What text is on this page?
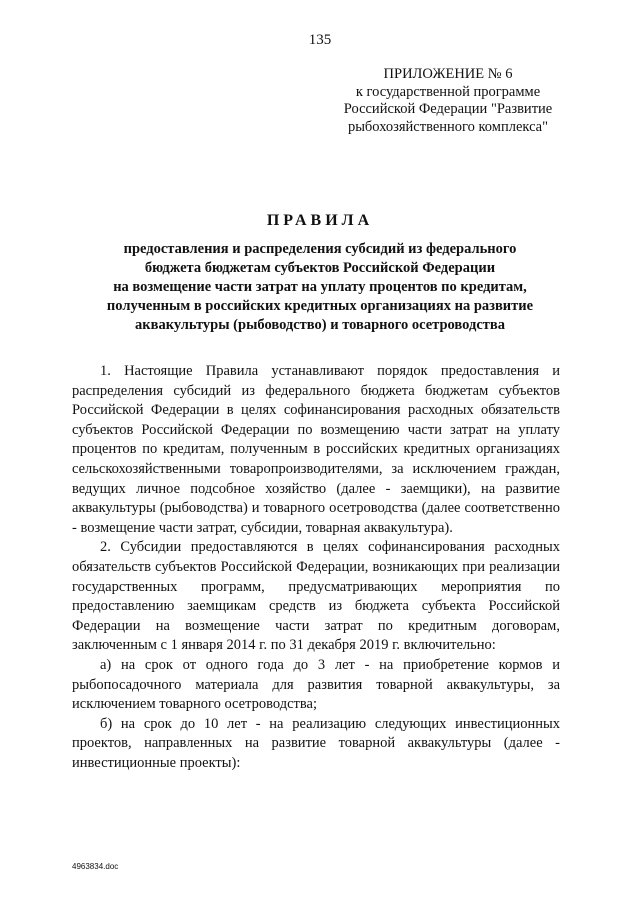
135
ПРИЛОЖЕНИЕ № 6
к государственной программе
Российской Федерации "Развитие
рыбохозяйственного комплекса"
ПРАВИЛА
предоставления и распределения субсидий из федерального
бюджета бюджетам субъектов Российской Федерации
на возмещение части затрат на уплату процентов по кредитам,
полученным в российских кредитных организациях на развитие
аквакультуры (рыбоводство) и товарного осетроводства

1. Настоящие Правила устанавливают порядок предоставления и распределения субсидий из федерального бюджета бюджетам субъектов Российской Федерации в целях софинансирования расходных обязательств субъектов Российской Федерации по возмещению части затрат на уплату процентов по кредитам, полученным в российских кредитных организациях сельскохозяйственными товаропроизводителями, за исключением граждан, ведущих личное подсобное хозяйство (далее - заемщики), на развитие аквакультуры (рыбоводства) и товарного осетроводства (далее соответственно - возмещение части затрат, субсидии, товарная аквакультура).

2. Субсидии предоставляются в целях софинансирования расходных обязательств субъектов Российской Федерации, возникающих при реализации государственных программ, предусматривающих мероприятия по предоставлению заемщикам средств из бюджета субъекта Российской Федерации на возмещение части затрат по кредитным договорам, заключенным с 1 января 2014 г. по 31 декабря 2019 г. включительно:

а) на срок от одного года до 3 лет - на приобретение кормов и рыбопосадочного материала для развития товарной аквакультуры, за исключением товарного осетроводства;

б) на срок до 10 лет - на реализацию следующих инвестиционных проектов, направленных на развитие товарной аквакультуры (далее - инвестиционные проекты):

4963834.doc
